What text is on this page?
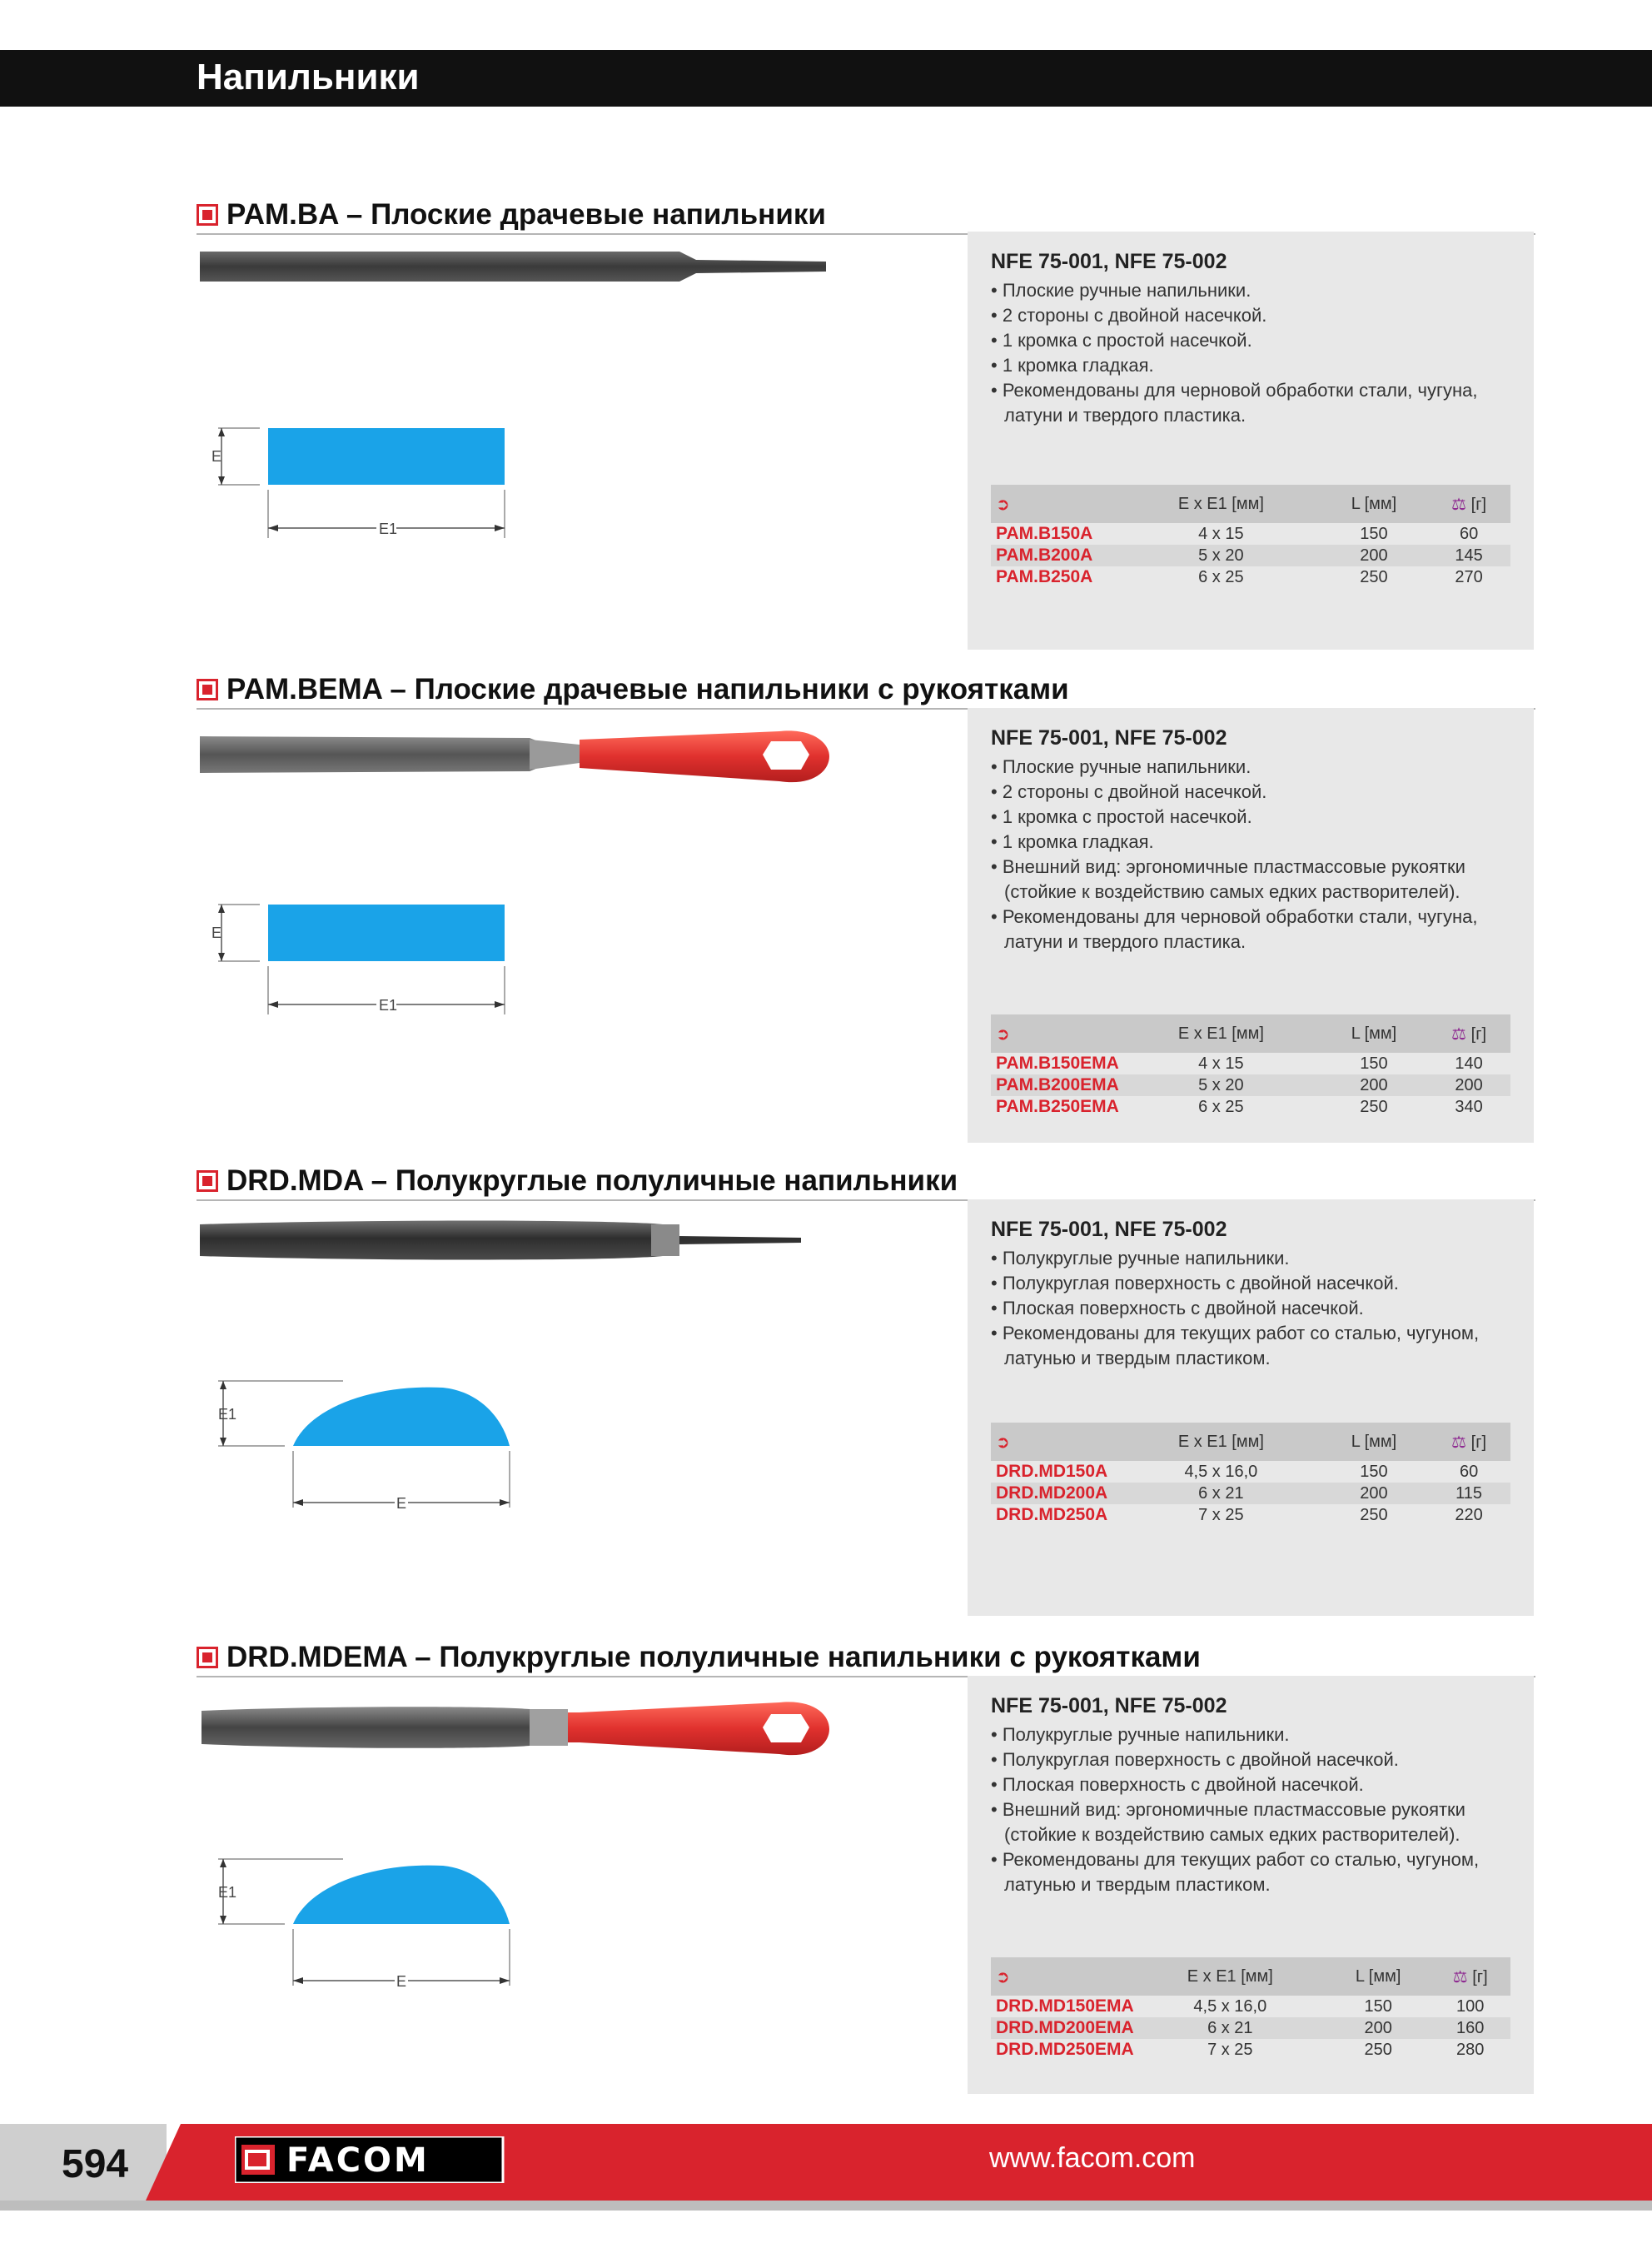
Напильники
PAM.BA – Плоские драчевые напильники
E
E1
NFE 75-001, NFE 75-002
• Плоские ручные напильники.
• 2 стороны с двойной насечкой.
• 1 кромка с простой насечкой.
• 1 кромка гладкая.
• Рекомендованы для черновой обработки стали, чугуна, латуни и твердого пластика.
➲	E x E1 [мм]	L [мм]	⚖ [г]
PAM.B150A	4 x 15	150	60
PAM.B200A	5 x 20	200	145
PAM.B250A	6 x 25	250	270
PAM.BEMA – Плоские драчевые напильники с рукоятками
E
E1
NFE 75-001, NFE 75-002
• Плоские ручные напильники.
• 2 стороны с двойной насечкой.
• 1 кромка с простой насечкой.
• 1 кромка гладкая.
• Внешний вид: эргономичные пластмассовые рукоятки (стойкие к воздействию самых едких растворителей).
• Рекомендованы для черновой обработки стали, чугуна, латуни и твердого пластика.
➲	E x E1 [мм]	L [мм]	⚖ [г]
PAM.B150EMA	4 x 15	150	140
PAM.B200EMA	5 x 20	200	200
PAM.B250EMA	6 x 25	250	340
DRD.MDA – Полукруглые полуличные напильники
E1
E
NFE 75-001, NFE 75-002
• Полукруглые ручные напильники.
• Полукруглая поверхность с двойной насечкой.
• Плоская поверхность с двойной насечкой.
• Рекомендованы для текущих работ со сталью, чугуном, латунью и твердым пластиком.
➲	E x E1 [мм]	L [мм]	⚖ [г]
DRD.MD150A	4,5 x 16,0	150	60
DRD.MD200A	6 x 21	200	115
DRD.MD250A	7 x 25	250	220
DRD.MDEMA – Полукруглые полуличные напильники с рукоятками
E1
E
NFE 75-001, NFE 75-002
• Полукруглые ручные напильники.
• Полукруглая поверхность с двойной насечкой.
• Плоская поверхность с двойной насечкой.
• Внешний вид: эргономичные пластмассовые рукоятки (стойкие к воздействию самых едких растворителей).
• Рекомендованы для текущих работ со сталью, чугуном, латунью и твердым пластиком.
➲	E x E1 [мм]	L [мм]	⚖ [г]
DRD.MD150EMA	4,5 x 16,0	150	100
DRD.MD200EMA	6 x 21	200	160
DRD.MD250EMA	7 x 25	250	280
594	FACOM	www.facom.com
